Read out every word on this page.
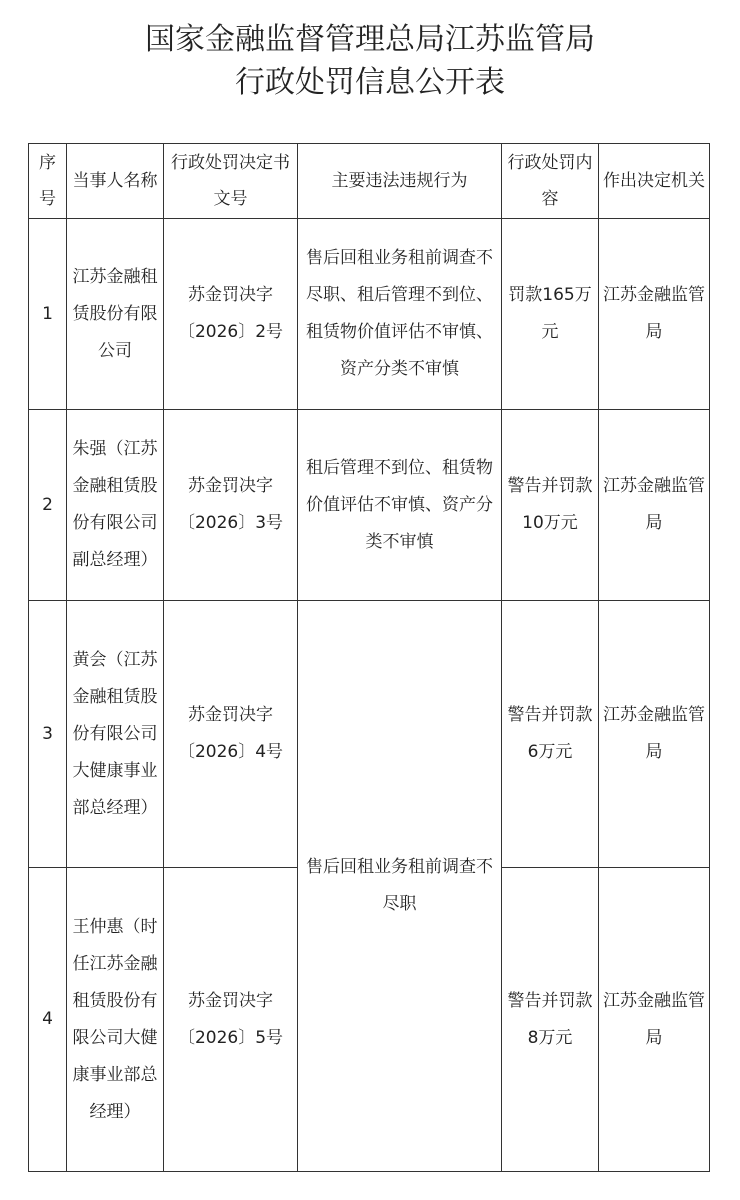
国家金融监督管理总局江苏监管局
行政处罚信息公开表
序号	当事人名称	行政处罚决定书文号	主要违法违规行为	行政处罚内容	作出决定机关
1	江苏金融租赁股份有限公司	苏金罚决字〔2026〕2号	售后回租业务租前调查不尽职、租后管理不到位、租赁物价值评估不审慎、资产分类不审慎	罚款165万元	江苏金融监管局
2	朱强（江苏金融租赁股份有限公司副总经理）	苏金罚决字〔2026〕3号	租后管理不到位、租赁物价值评估不审慎、资产分类不审慎	警告并罚款10万元	江苏金融监管局
3	黄会（江苏金融租赁股份有限公司大健康事业部总经理）	苏金罚决字〔2026〕4号	售后回租业务租前调查不尽职	警告并罚款6万元	江苏金融监管局
4	王仲惠（时任江苏金融租赁股份有限公司大健康事业部总经理）	苏金罚决字〔2026〕5号		警告并罚款8万元	江苏金融监管局
